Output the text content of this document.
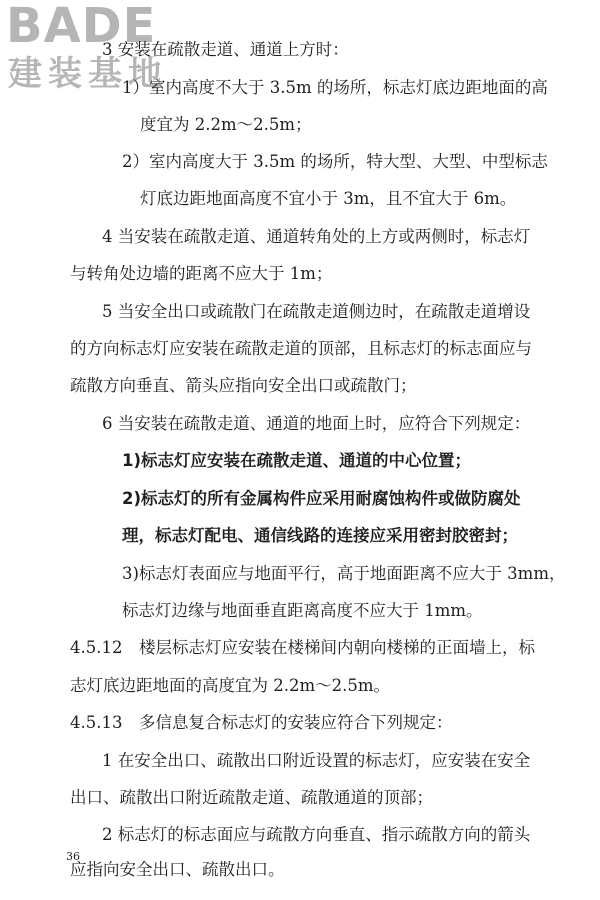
BADE
建装基地
3 安装在疏散走道、通道上方时：
1）室内高度不大于 3.5m 的场所，标志灯底边距地面的高
度宜为 2.2m～2.5m；
2）室内高度大于 3.5m 的场所，特大型、大型、中型标志
灯底边距地面高度不宜小于 3m，且不宜大于 6m。
4 当安装在疏散走道、通道转角处的上方或两侧时，标志灯
与转角处边墙的距离不应大于 1m；
5 当安全出口或疏散门在疏散走道侧边时，在疏散走道增设
的方向标志灯应安装在疏散走道的顶部，且标志灯的标志面应与
疏散方向垂直、箭头应指向安全出口或疏散门；
6 当安装在疏散走道、通道的地面上时，应符合下列规定：
1)标志灯应安装在疏散走道、通道的中心位置；
2)标志灯的所有金属构件应采用耐腐蚀构件或做防腐处
理，标志灯配电、通信线路的连接应采用密封胶密封；
3)标志灯表面应与地面平行，高于地面距离不应大于 3mm，
标志灯边缘与地面垂直距离高度不应大于 1mm。
4.5.12　楼层标志灯应安装在楼梯间内朝向楼梯的正面墙上，标
志灯底边距地面的高度宜为 2.2m～2.5m。
4.5.13　多信息复合标志灯的安装应符合下列规定：
1 在安全出口、疏散出口附近设置的标志灯，应安装在安全
出口、疏散出口附近疏散走道、疏散通道的顶部；
2 标志灯的标志面应与疏散方向垂直、指示疏散方向的箭头
应指向安全出口、疏散出口。
36
